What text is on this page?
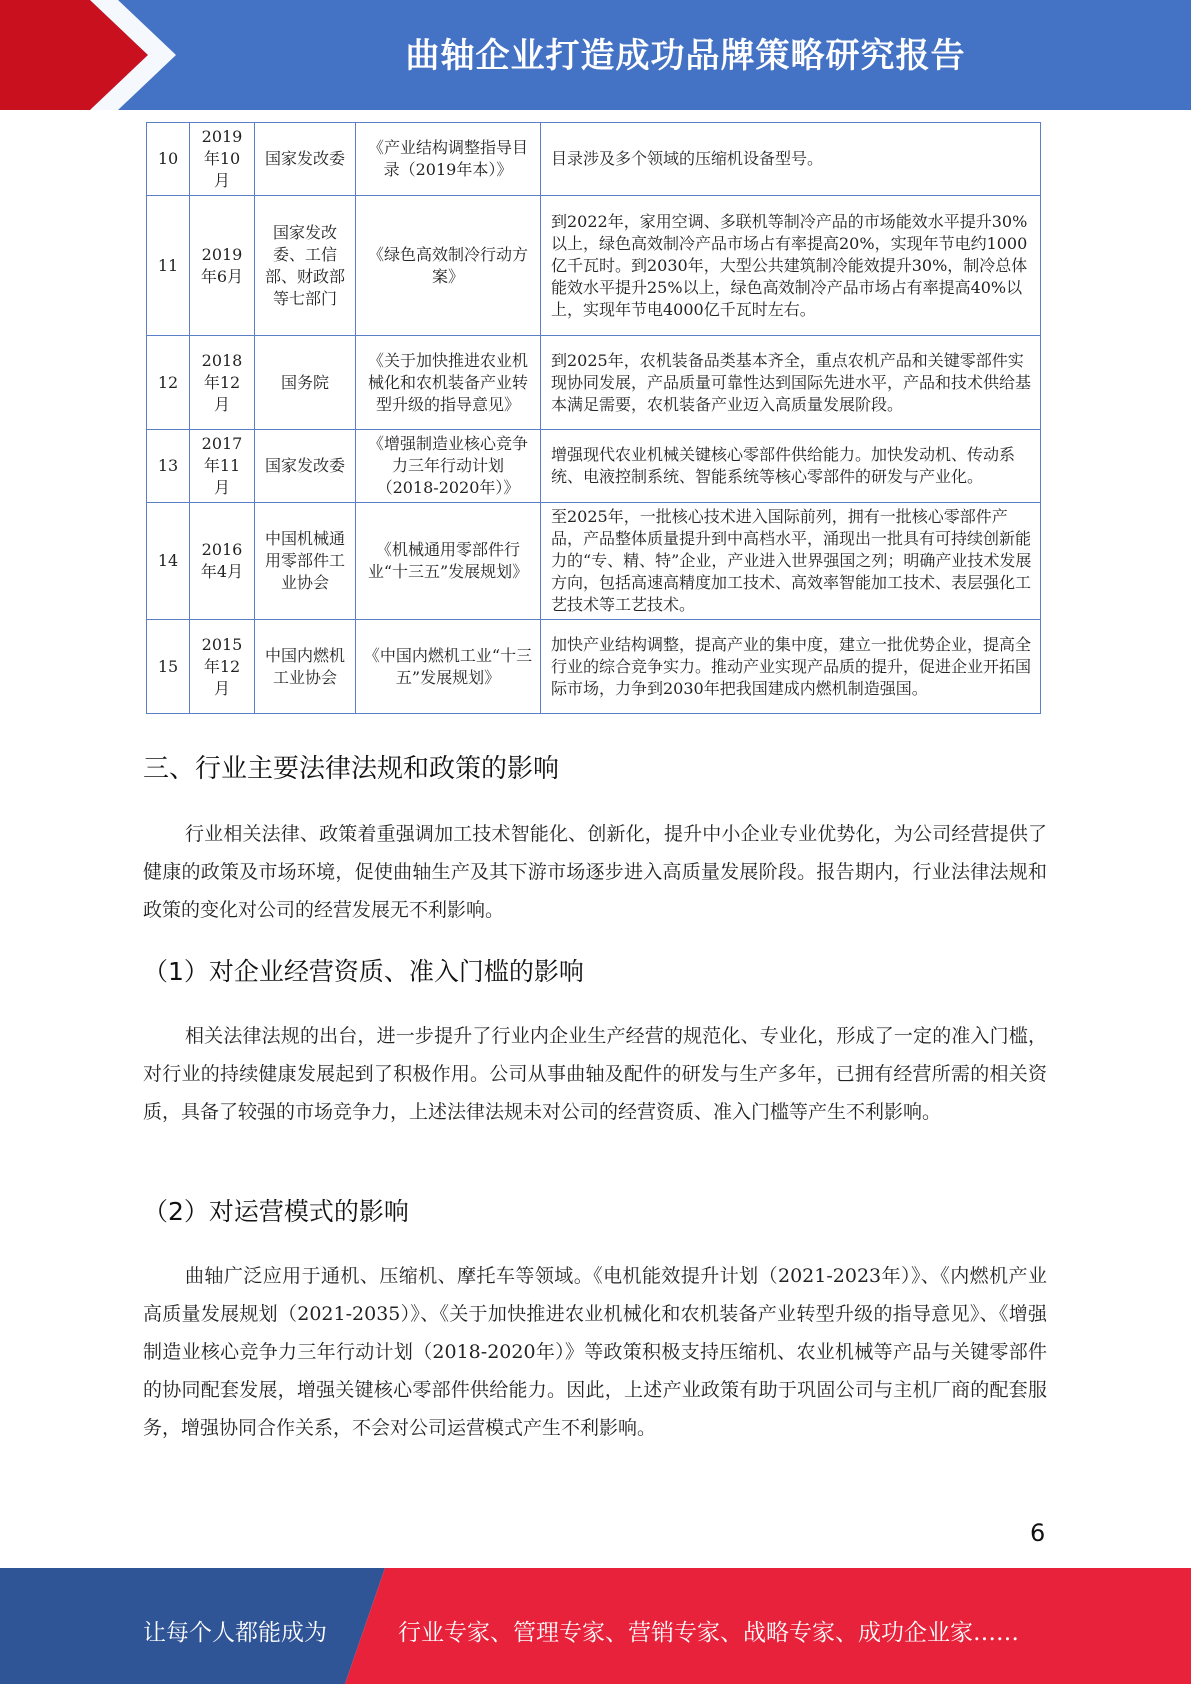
曲轴企业打造成功品牌策略研究报告
10	2019年10月	国家发改委	《产业结构调整指导目录（2019年本）》	目录涉及多个领域的压缩机设备型号。
11	2019年6月	国家发改委、工信部、财政部等七部门	《绿色高效制冷行动方案》	到2022年，家用空调、多联机等制冷产品的市场能效水平提升30%以上，绿色高效制冷产品市场占有率提高20%，实现年节电约1000亿千瓦时。到2030年，大型公共建筑制冷能效提升30%，制冷总体能效水平提升25%以上，绿色高效制冷产品市场占有率提高40%以上，实现年节电4000亿千瓦时左右。
12	2018年12月	国务院	《关于加快推进农业机械化和农机装备产业转型升级的指导意见》	到2025年，农机装备品类基本齐全，重点农机产品和关键零部件实现协同发展，产品质量可靠性达到国际先进水平，产品和技术供给基本满足需要，农机装备产业迈入高质量发展阶段。
13	2017年11月	国家发改委	《增强制造业核心竞争力三年行动计划（2018-2020年）》	增强现代农业机械关键核心零部件供给能力。加快发动机、传动系统、电液控制系统、智能系统等核心零部件的研发与产业化。
14	2016年4月	中国机械通用零部件工业协会	《机械通用零部件行业“十三五”发展规划》	至2025年，一批核心技术进入国际前列，拥有一批核心零部件产品，产品整体质量提升到中高档水平，涌现出一批具有可持续创新能力的“专、精、特”企业，产业进入世界强国之列；明确产业技术发展方向，包括高速高精度加工技术、高效率智能加工技术、表层强化工艺技术等工艺技术。
15	2015年12月	中国内燃机工业协会	《中国内燃机工业“十三五”发展规划》	加快产业结构调整，提高产业的集中度，建立一批优势企业，提高全行业的综合竞争实力。推动产业实现产品质的提升，促进企业开拓国际市场，力争到2030年把我国建成内燃机制造强国。
三、行业主要法律法规和政策的影响

行业相关法律、政策着重强调加工技术智能化、创新化，提升中小企业专业优势化，为公司经营提供了健康的政策及市场环境，促使曲轴生产及其下游市场逐步进入高质量发展阶段。报告期内，行业法律法规和政策的变化对公司的经营发展无不利影响。

（1）对企业经营资质、准入门槛的影响

相关法律法规的出台，进一步提升了行业内企业生产经营的规范化、专业化，形成了一定的准入门槛，对行业的持续健康发展起到了积极作用。公司从事曲轴及配件的研发与生产多年，已拥有经营所需的相关资质，具备了较强的市场竞争力，上述法律法规未对公司的经营资质、准入门槛等产生不利影响。

（2）对运营模式的影响

曲轴广泛应用于通机、压缩机、摩托车等领域。《电机能效提升计划（2021-2023年）》、《内燃机产业高质量发展规划（2021-2035）》、《关于加快推进农业机械化和农机装备产业转型升级的指导意见》、《增强制造业核心竞争力三年行动计划（2018-2020年）》等政策积极支持压缩机、农业机械等产品与关键零部件的协同配套发展，增强关键核心零部件供给能力。因此，上述产业政策有助于巩固公司与主机厂商的配套服务，增强协同合作关系，不会对公司运营模式产生不利影响。

6
让每个人都能成为	行业专家、管理专家、营销专家、战略专家、成功企业家……
